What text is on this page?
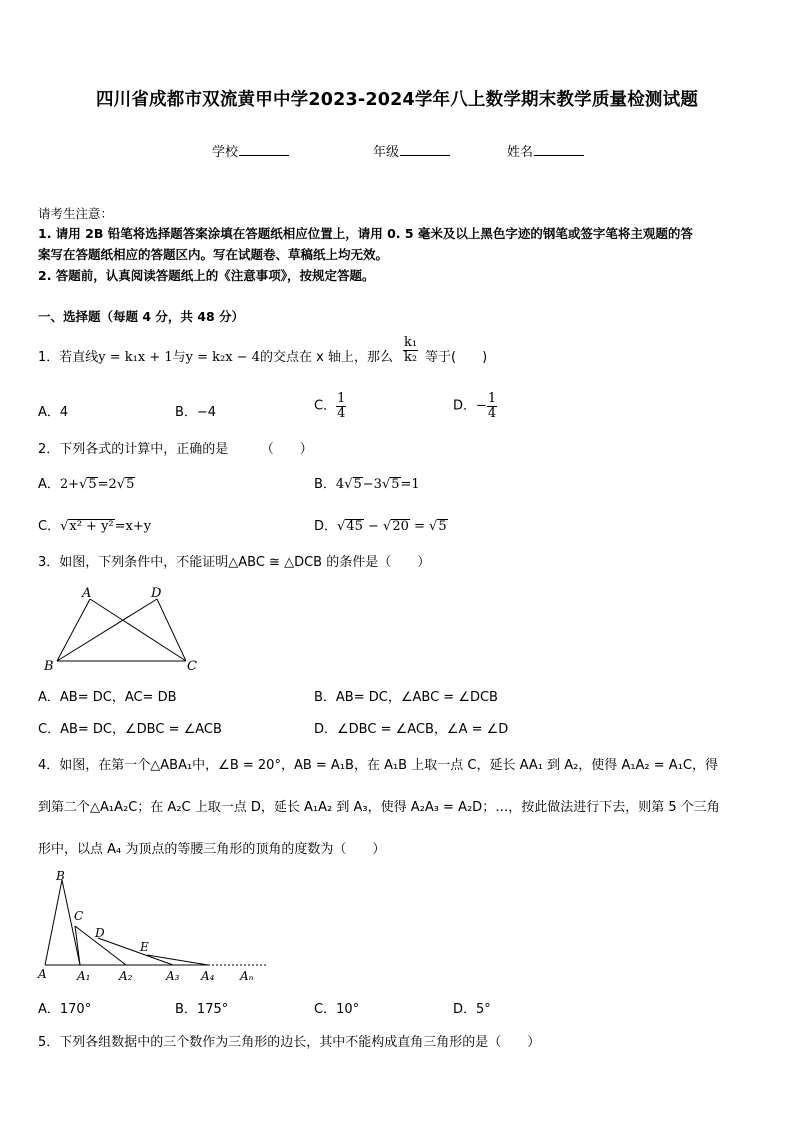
四川省成都市双流黄甲中学2023-2024学年八上数学期末教学质量检测试题
学校	年级	姓名
请考生注意：
1. 请用 2B 铅笔将选择题答案涂填在答题纸相应位置上，请用 0. 5 毫米及以上黑色字迹的钢笔或签字笔将主观题的答
案写在答题纸相应的答题区内。写在试题卷、草稿纸上均无效。
2. 答题前，认真阅读答题纸上的《注意事项》，按规定答题。
一、选择题（每题 4 分，共 48 分）
1．若直线y = k₁x + 1与y = k₂x − 4的交点在 x 轴上，那么 $\frac{\text{k₁}}{\text{k₂}}$ 等于(　　)
A．4	B．−4	C． $\frac{1}{4}$	D．− $\frac{1}{4}$
2．下列各式的计算中，正确的是　　　（　　）
A．2+√5=2√5	B．4√5−3√5=1
C．√x² + y²=x+y	D．√45 − √20 = √5
3．如图，下列条件中，不能证明△ABC ≅ △DCB 的条件是（　　）
A	D
B	C
A．AB= DC，AC= DB	B．AB= DC，∠ABC = ∠DCB
C．AB= DC，∠DBC = ∠ACB	D．∠DBC = ∠ACB，∠A = ∠D
4．如图，在第一个△ABA₁中，∠B = 20°，AB = A₁B，在 A₁B 上取一点 C，延长 AA₁ 到 A₂，使得 A₁A₂ = A₁C，得
到第二个△A₁A₂C；在 A₂C 上取一点 D，延长 A₁A₂ 到 A₃，使得 A₂A₃ = A₂D；…，按此做法进行下去，则第 5 个三角
形中，以点 A₄ 为顶点的等腰三角形的顶角的度数为（　　）
B
C
D
E
A	A₁ A₂	A₃ A₄ Aₙ
A．170°	B．175°	C．10°	D．5°
5．下列各组数据中的三个数作为三角形的边长，其中不能构成直角三角形的是（　　）
